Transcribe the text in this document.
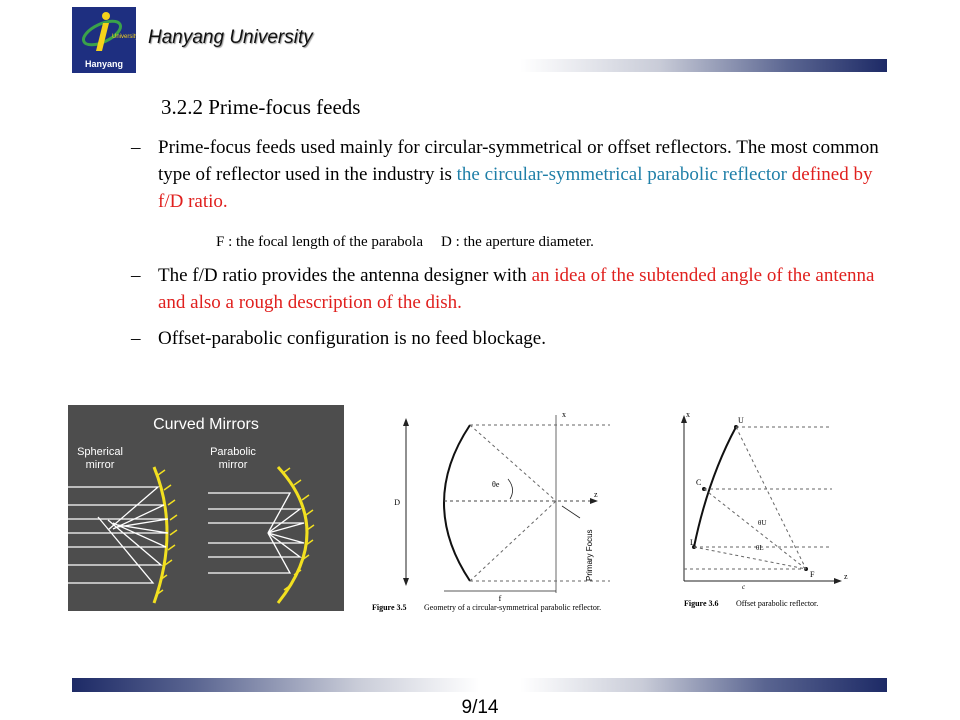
University
Hanyang
Hanyang University
3.2.2 Prime-focus feeds
– Prime-focus feeds used mainly for circular-symmetrical or offset reflectors. The most common type of reflector used in the industry is the circular-symmetrical parabolic reflector defined by f/D ratio.
F : the focal length of the parabola D : the aperture diameter.
– The f/D ratio provides the antenna designer with an idea of the subtended angle of the antenna and also a rough description of the dish.
– Offset-parabolic configuration is no feed blockage.
Curved Mirrors
Spherical
mirror
Parabolic
mirror
D
x
z
θe
Primary Focus
f
Figure 3.5 Geometry of a circular-symmetrical parabolic reflector.
x
z
U
C
L
F
θU
θL
c
Figure 3.6 Offset parabolic reflector.
9/14
